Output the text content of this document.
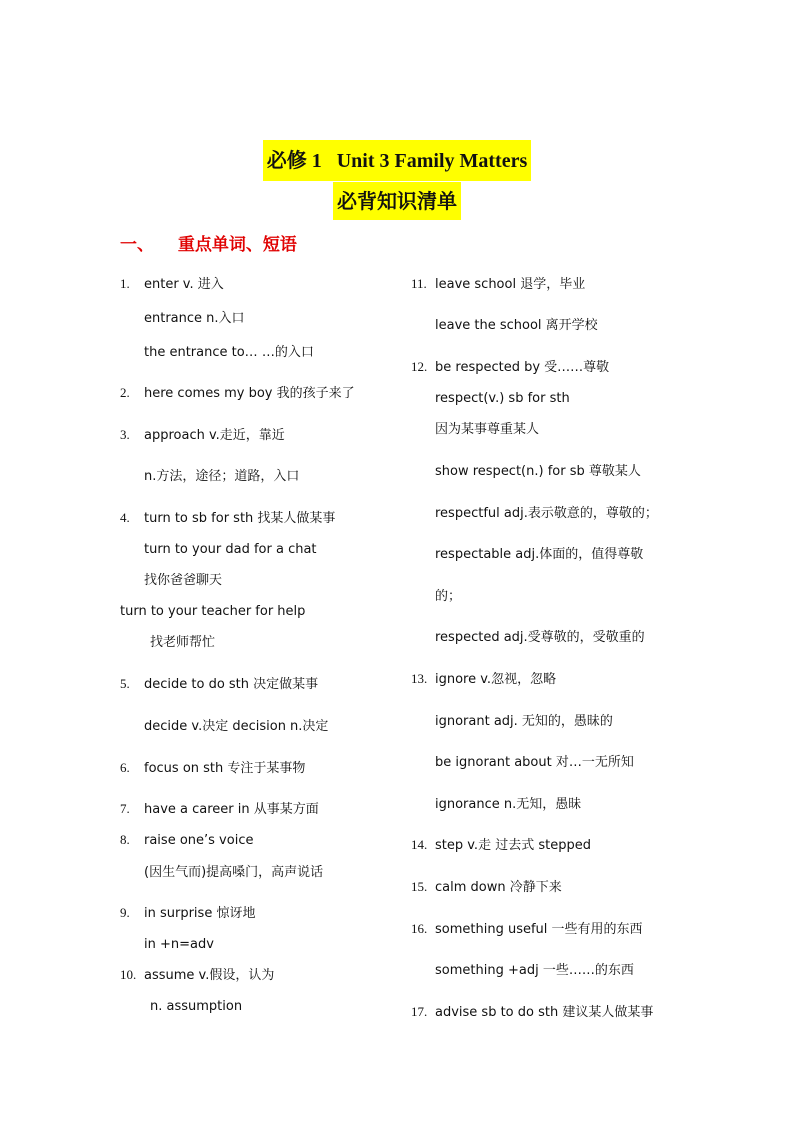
必修 1 Unit 3 Family Matters
必背知识清单
一、 重点单词、短语
1. enter v. 进入
entrance n.入口
the entrance to… …的入口
2. here comes my boy 我的孩子来了
3. approach v.走近，靠近
n.方法，途径；道路，入口
4. turn to sb for sth 找某人做某事
turn to your dad for a chat
找你爸爸聊天
turn to your teacher for help
找老师帮忙
5. decide to do sth 决定做某事
decide v.决定 decision n.决定
6. focus on sth 专注于某事物
7. have a career in 从事某方面
8. raise one’s voice
(因生气而)提高嗓门，高声说话
9. in surprise 惊讶地
in +n=adv
10. assume v.假设，认为
n. assumption
11. leave school 退学，毕业
leave the school 离开学校
12. be respected by 受……尊敬
respect(v.) sb for sth
因为某事尊重某人
show respect(n.) for sb 尊敬某人
respectful adj.表示敬意的，尊敬的；
respectable adj.体面的，值得尊敬
的；
respected adj.受尊敬的，受敬重的
13. ignore v.忽视，忽略
ignorant adj. 无知的，愚昧的
be ignorant about 对…一无所知
ignorance n.无知，愚昧
14. step v.走 过去式 stepped
15. calm down 冷静下来
16. something useful 一些有用的东西
something +adj 一些……的东西
17. advise sb to do sth 建议某人做某事
